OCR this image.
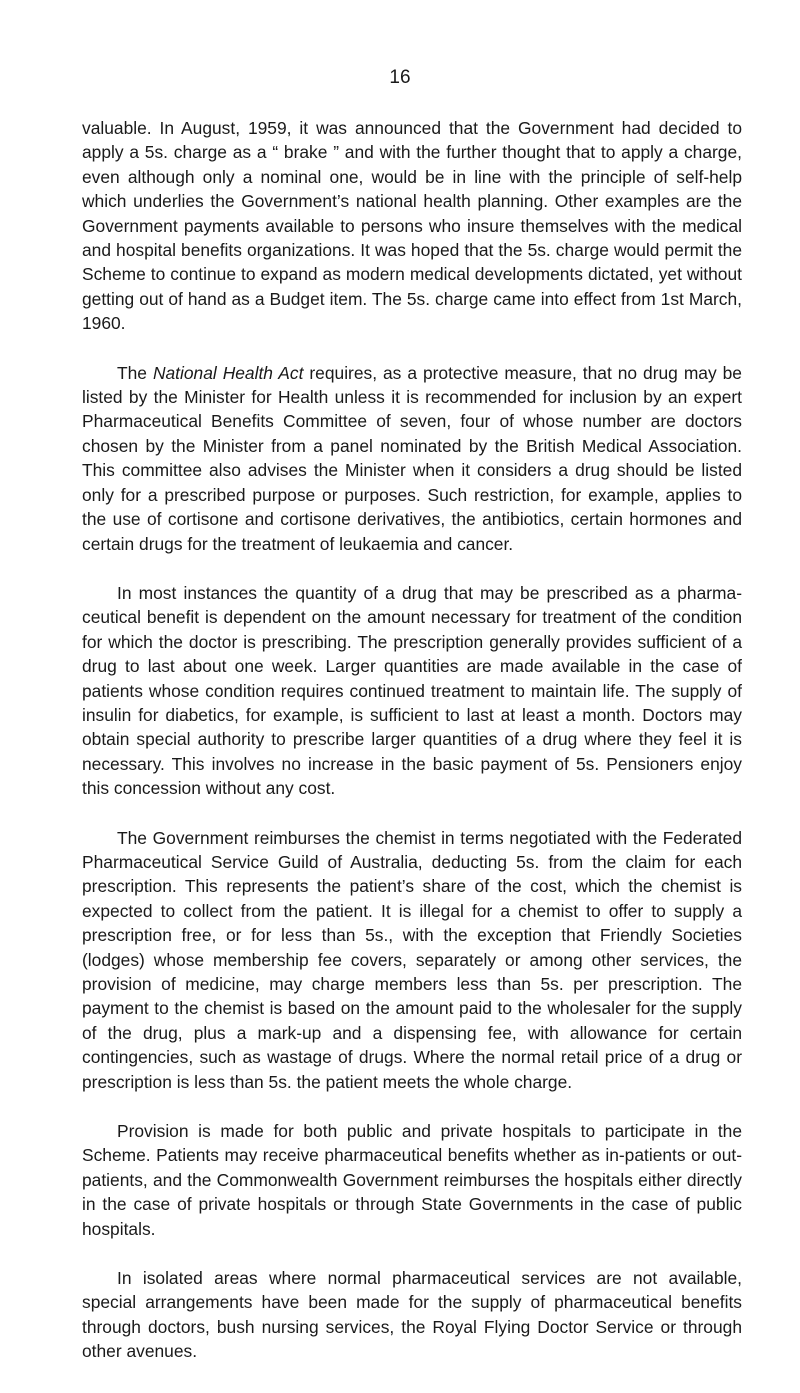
16

valuable. In August, 1959, it was announced that the Government had decided to apply a 5s. charge as a “ brake ” and with the further thought that to apply a charge, even although only a nominal one, would be in line with the principle of self-help which underlies the Government’s national health planning. Other examples are the Government payments available to persons who insure themselves with the medical and hospital benefits organizations. It was hoped that the 5s. charge would permit the Scheme to continue to expand as modern medical developments dictated, yet without getting out of hand as a Budget item. The 5s. charge came into effect from 1st March, 1960.

The National Health Act requires, as a protective measure, that no drug may be listed by the Minister for Health unless it is recommended for inclusion by an expert Pharmaceutical Benefits Committee of seven, four of whose number are doctors chosen by the Minister from a panel nominated by the British Medical Association. This committee also advises the Minister when it considers a drug should be listed only for a prescribed purpose or purposes. Such restriction, for example, applies to the use of cortisone and cortisone derivatives, the antibiotics, certain hormones and certain drugs for the treatment of leukaemia and cancer.

In most instances the quantity of a drug that may be prescribed as a pharmaceutical benefit is dependent on the amount necessary for treatment of the condition for which the doctor is prescribing. The prescription generally provides sufficient of a drug to last about one week. Larger quantities are made available in the case of patients whose condition requires continued treatment to maintain life. The supply of insulin for diabetics, for example, is sufficient to last at least a month. Doctors may obtain special authority to prescribe larger quantities of a drug where they feel it is necessary. This involves no increase in the basic payment of 5s. Pensioners enjoy this concession without any cost.

The Government reimburses the chemist in terms negotiated with the Federated Pharmaceutical Service Guild of Australia, deducting 5s. from the claim for each prescription. This represents the patient’s share of the cost, which the chemist is expected to collect from the patient. It is illegal for a chemist to offer to supply a prescription free, or for less than 5s., with the exception that Friendly Societies (lodges) whose membership fee covers, separately or among other services, the provision of medicine, may charge members less than 5s. per prescription. The payment to the chemist is based on the amount paid to the wholesaler for the supply of the drug, plus a mark-up and a dispensing fee, with allowance for certain contingencies, such as wastage of drugs. Where the normal retail price of a drug or prescription is less than 5s. the patient meets the whole charge.

Provision is made for both public and private hospitals to participate in the Scheme. Patients may receive pharmaceutical benefits whether as in-patients or out-patients, and the Commonwealth Government reimburses the hospitals either directly in the case of private hospitals or through State Governments in the case of public hospitals.

In isolated areas where normal pharmaceutical services are not available, special arrangements have been made for the supply of pharmaceutical benefits through doctors, bush nursing services, the Royal Flying Doctor Service or through other avenues.
